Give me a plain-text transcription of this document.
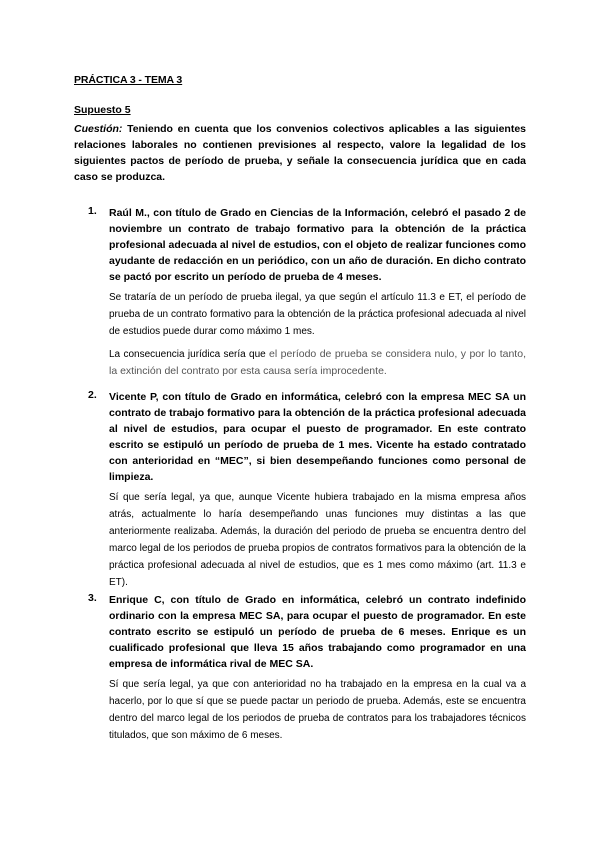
PRÁCTICA 3 - TEMA 3
Supuesto 5
Cuestión: Teniendo en cuenta que los convenios colectivos aplicables a las siguientes relaciones laborales no contienen previsiones al respecto, valore la legalidad de los siguientes pactos de período de prueba, y señale la consecuencia jurídica que en cada caso se produzca.
1. Raúl M., con título de Grado en Ciencias de la Información, celebró el pasado 2 de noviembre un contrato de trabajo formativo para la obtención de la práctica profesional adecuada al nivel de estudios, con el objeto de realizar funciones como ayudante de redacción en un periódico, con un año de duración. En dicho contrato se pactó por escrito un período de prueba de 4 meses.
Se trataría de un período de prueba ilegal, ya que según el artículo 11.3 e ET, el período de prueba de un contrato formativo para la obtención de la práctica profesional adecuada al nivel de estudios puede durar como máximo 1 mes.
La consecuencia jurídica sería que el período de prueba se considera nulo, y por lo tanto, la extinción del contrato por esta causa sería improcedente.
2. Vicente P, con título de Grado en informática, celebró con la empresa MEC SA un contrato de trabajo formativo para la obtención de la práctica profesional adecuada al nivel de estudios, para ocupar el puesto de programador. En este contrato escrito se estipuló un período de prueba de 1 mes. Vicente ha estado contratado con anterioridad en “MEC”, si bien desempeñando funciones como personal de limpieza.
Sí que sería legal, ya que, aunque Vicente hubiera trabajado en la misma empresa años atrás, actualmente lo haría desempeñando unas funciones muy distintas a las que anteriormente realizaba. Además, la duración del periodo de prueba se encuentra dentro del marco legal de los periodos de prueba propios de contratos formativos para la obtención de la práctica profesional adecuada al nivel de estudios, que es 1 mes como máximo (art. 11.3 e ET).
3. Enrique C, con título de Grado en informática, celebró un contrato indefinido ordinario con la empresa MEC SA, para ocupar el puesto de programador. En este contrato escrito se estipuló un período de prueba de 6 meses. Enrique es un cualificado profesional que lleva 15 años trabajando como programador en una empresa de informática rival de MEC SA.
Sí que sería legal, ya que con anterioridad no ha trabajado en la empresa en la cual va a hacerlo, por lo que sí que se puede pactar un periodo de prueba. Además, este se encuentra dentro del marco legal de los periodos de prueba de contratos para los trabajadores técnicos titulados, que son máximo de 6 meses.
